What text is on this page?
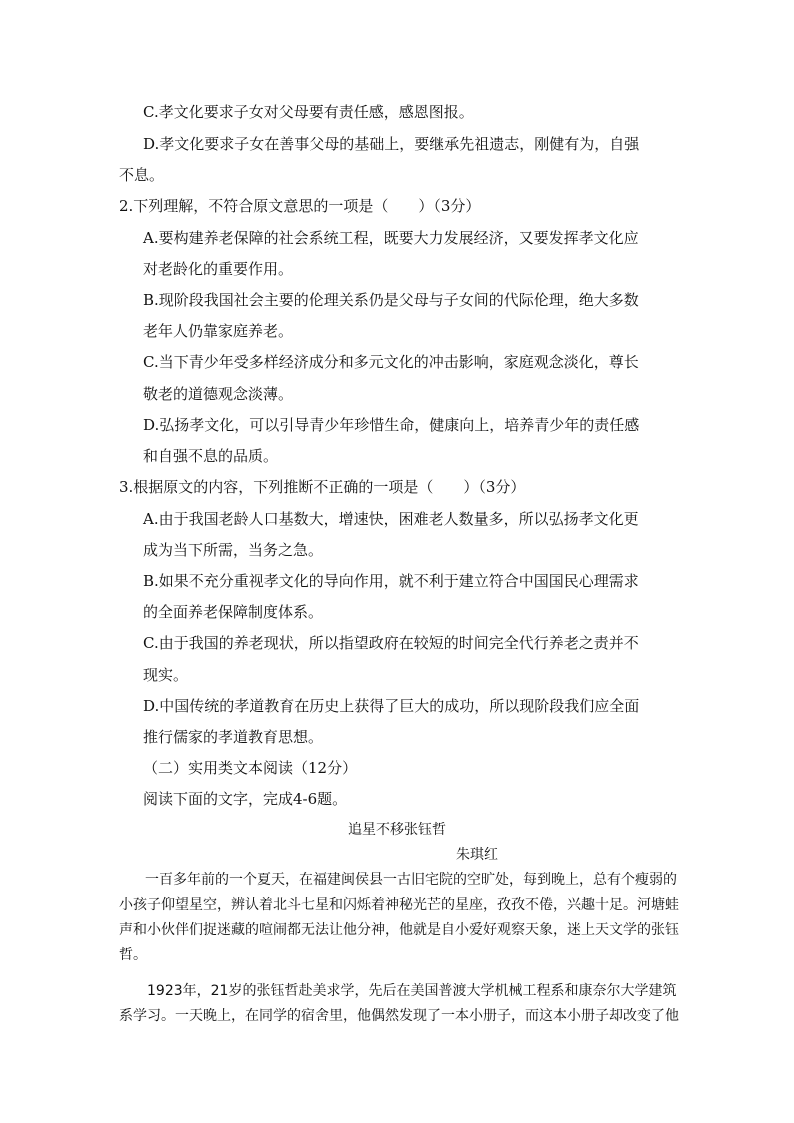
C.孝文化要求子女对父母要有责任感，感恩图报。
D.孝文化要求子女在善事父母的基础上，要继承先祖遗志，刚健有为，自强
不息。
2.下列理解，不符合原文意思的一项是（　　）（3分）
A.要构建养老保障的社会系统工程，既要大力发展经济，又要发挥孝文化应
对老龄化的重要作用。
B.现阶段我国社会主要的伦理关系仍是父母与子女间的代际伦理，绝大多数
老年人仍靠家庭养老。
C.当下青少年受多样经济成分和多元文化的冲击影响，家庭观念淡化，尊长
敬老的道德观念淡薄。
D.弘扬孝文化，可以引导青少年珍惜生命，健康向上，培养青少年的责任感
和自强不息的品质。
3.根据原文的内容，下列推断不正确的一项是（　　）（3分）
A.由于我国老龄人口基数大，增速快，困难老人数量多，所以弘扬孝文化更
成为当下所需，当务之急。
B.如果不充分重视孝文化的导向作用，就不利于建立符合中国国民心理需求
的全面养老保障制度体系。
C.由于我国的养老现状，所以指望政府在较短的时间完全代行养老之责并不
现实。
D.中国传统的孝道教育在历史上获得了巨大的成功，所以现阶段我们应全面
推行儒家的孝道教育思想。
（二）实用类文本阅读（12分）
阅读下面的文字，完成4-6题。
追星不移张钰哲
朱琪红
一百多年前的一个夏天，在福建闽侯县一古旧宅院的空旷处，每到晚上，总有个瘦弱的
小孩子仰望星空，辨认着北斗七星和闪烁着神秘光芒的星座，孜孜不倦，兴趣十足。河塘蛙
声和小伙伴们捉迷藏的喧闹都无法让他分神，他就是自小爱好观察天象，迷上天文学的张钰
哲。
1923年，21岁的张钰哲赴美求学，先后在美国普渡大学机械工程系和康奈尔大学建筑
系学习。一天晚上，在同学的宿舍里，他偶然发现了一本小册子，而这本小册子却改变了他
